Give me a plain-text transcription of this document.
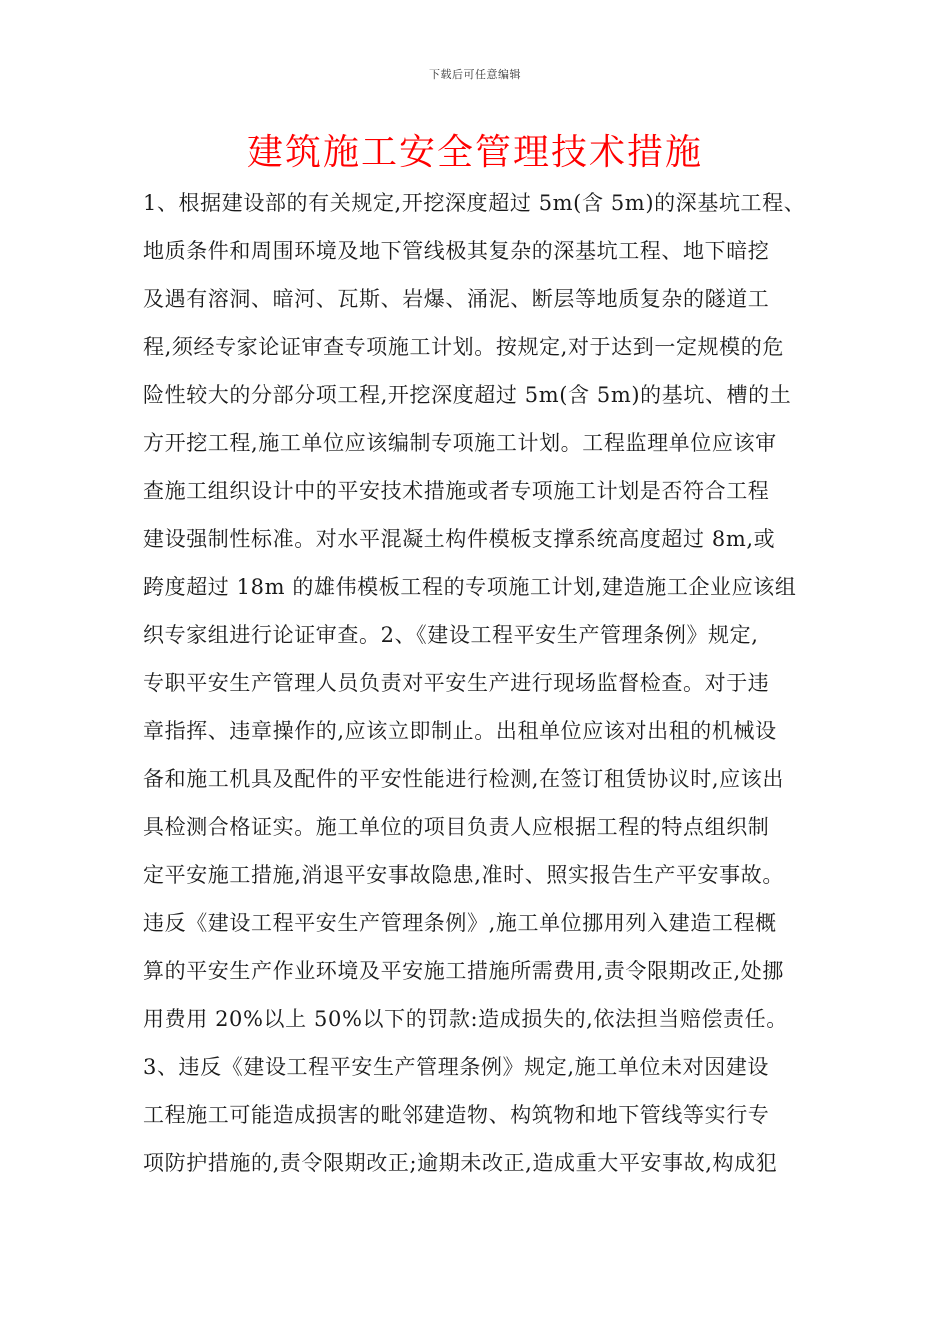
下载后可任意编辑
建筑施工安全管理技术措施
1、根据建设部的有关规定,开挖深度超过 5m(含 5m)的深基坑工程、
地质条件和周围环境及地下管线极其复杂的深基坑工程、地下暗挖
及遇有溶洞、暗河、瓦斯、岩爆、涌泥、断层等地质复杂的隧道工
程,须经专家论证审查专项施工计划。按规定,对于达到一定规模的危
险性较大的分部分项工程,开挖深度超过 5m(含 5m)的基坑、槽的土
方开挖工程,施工单位应该编制专项施工计划。工程监理单位应该审
查施工组织设计中的平安技术措施或者专项施工计划是否符合工程
建设强制性标准。对水平混凝土构件模板支撑系统高度超过 8m,或
跨度超过 18m 的雄伟模板工程的专项施工计划,建造施工企业应该组
织专家组进行论证审查。2、《建设工程平安生产管理条例》规定,
专职平安生产管理人员负责对平安生产进行现场监督检查。对于违
章指挥、违章操作的,应该立即制止。出租单位应该对出租的机械设
备和施工机具及配件的平安性能进行检测,在签订租赁协议时,应该出
具检测合格证实。施工单位的项目负责人应根据工程的特点组织制
定平安施工措施,消退平安事故隐患,准时、照实报告生产平安事故。
违反《建设工程平安生产管理条例》,施工单位挪用列入建造工程概
算的平安生产作业环境及平安施工措施所需费用,责令限期改正,处挪
用费用 20%以上 50%以下的罚款:造成损失的,依法担当赔偿责任。
3、违反《建设工程平安生产管理条例》规定,施工单位未对因建设
工程施工可能造成损害的毗邻建造物、构筑物和地下管线等实行专
项防护措施的,责令限期改正;逾期未改正,造成重大平安事故,构成犯
